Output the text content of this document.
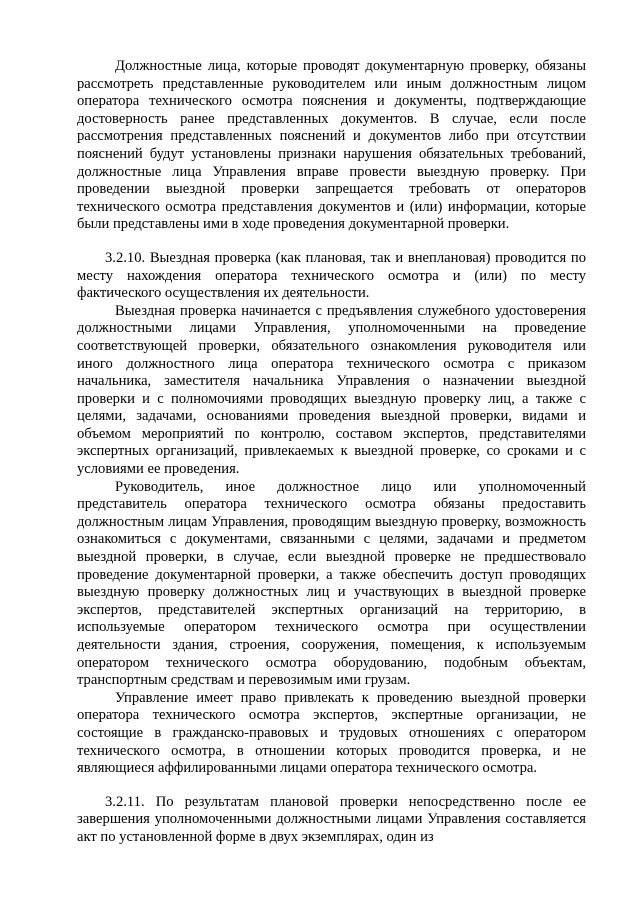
Должностные лица, которые проводят документарную проверку, обязаны рассмотреть представленные руководителем или иным должностным лицом оператора технического осмотра пояснения и документы, подтверждающие достоверность ранее представленных документов. В случае, если после рассмотрения представленных пояснений и документов либо при отсутствии пояснений будут установлены признаки нарушения обязательных требований, должностные лица Управления вправе провести выездную проверку. При проведении выездной проверки запрещается требовать от операторов технического осмотра представления документов и (или) информации, которые были представлены ими в ходе проведения документарной проверки.

3.2.10. Выездная проверка (как плановая, так и внеплановая) проводится по месту нахождения оператора технического осмотра и (или) по месту фактического осуществления их деятельности.

Выездная проверка начинается с предъявления служебного удостоверения должностными лицами Управления, уполномоченными на проведение соответствующей проверки, обязательного ознакомления руководителя или иного должностного лица оператора технического осмотра с приказом начальника, заместителя начальника Управления о назначении выездной проверки и с полномочиями проводящих выездную проверку лиц, а также с целями, задачами, основаниями проведения выездной проверки, видами и объемом мероприятий по контролю, составом экспертов, представителями экспертных организаций, привлекаемых к выездной проверке, со сроками и с условиями ее проведения.

Руководитель, иное должностное лицо или уполномоченный представитель оператора технического осмотра обязаны предоставить должностным лицам Управления, проводящим выездную проверку, возможность ознакомиться с документами, связанными с целями, задачами и предметом выездной проверки, в случае, если выездной проверке не предшествовало проведение документарной проверки, а также обеспечить доступ проводящих выездную проверку должностных лиц и участвующих в выездной проверке экспертов, представителей экспертных организаций на территорию, в используемые оператором технического осмотра при осуществлении деятельности здания, строения, сооружения, помещения, к используемым оператором технического осмотра оборудованию, подобным объектам, транспортным средствам и перевозимым ими грузам.

Управление имеет право привлекать к проведению выездной проверки оператора технического осмотра экспертов, экспертные организации, не состоящие в гражданско-правовых и трудовых отношениях с оператором технического осмотра, в отношении которых проводится проверка, и не являющиеся аффилированными лицами оператора технического осмотра.

3.2.11. По результатам плановой проверки непосредственно после ее завершения уполномоченными должностными лицами Управления составляется акт по установленной форме в двух экземплярах, один из
